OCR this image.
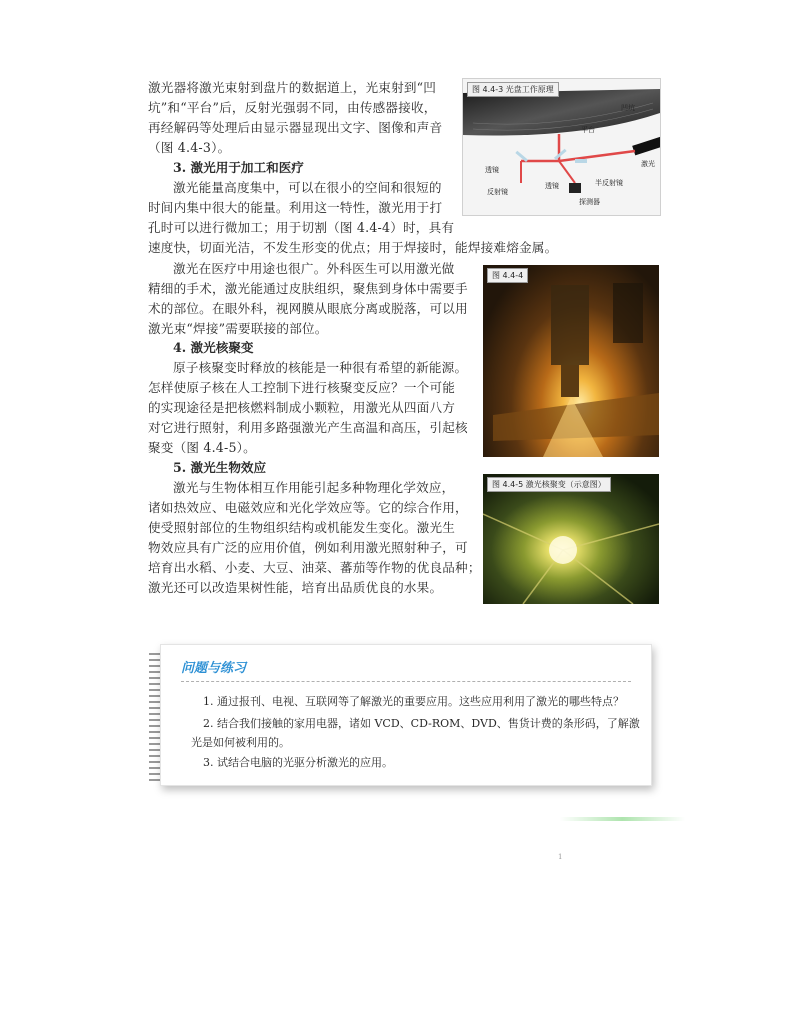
激光器将激光束射到盘片的数据道上，光束射到“凹
坑”和“平台”后，反射光强弱不同，由传感器接收，
再经解码等处理后由显示器显现出文字、图像和声音
（图 4.4-3）。
3. 激光用于加工和医疗
激光能量高度集中，可以在很小的空间和很短的
时间内集中很大的能量。利用这一特性，激光用于打
孔时可以进行微加工；用于切割（图 4.4-4）时，具有
速度快，切面光洁，不发生形变的优点；用于焊接时，能焊接难熔金属。
激光在医疗中用途也很广。外科医生可以用激光做
精细的手术，激光能通过皮肤组织，聚焦到身体中需要手
术的部位。在眼外科，视网膜从眼底分离或脱落，可以用
激光束“焊接”需要联接的部位。
4. 激光核聚变
原子核聚变时释放的核能是一种很有希望的新能源。
怎样使原子核在人工控制下进行核聚变反应？一个可能
的实现途径是把核燃料制成小颗粒，用激光从四面八方
对它进行照射，利用多路强激光产生高温和高压，引起核
聚变（图 4.4-5）。
5. 激光生物效应
激光与生物体相互作用能引起多种物理化学效应，
诸如热效应、电磁效应和光化学效应等。它的综合作用，
使受照射部位的生物组织结构或机能发生变化。激光生
物效应具有广泛的应用价值，例如利用激光照射种子，可
培育出水稻、小麦、大豆、油菜、蕃茄等作物的优良品种；
激光还可以改造果树性能，培育出品质优良的水果。
图 4.4-3 光盘工作原理
凹坑
平台
透镜
激光
半反射镜
反射镜
透镜
探测器
图 4.4-4
图 4.4-5 激光核聚变（示意图）
问题与练习
1. 通过报刊、电视、互联网等了解激光的重要应用。这些应用利用了激光的哪些特点？
2. 结合我们接触的家用电器，诸如 VCD、CD-ROM、DVD、售货计费的条形码，了解激
光是如何被利用的。
3. 试结合电脑的光驱分析激光的应用。
1
